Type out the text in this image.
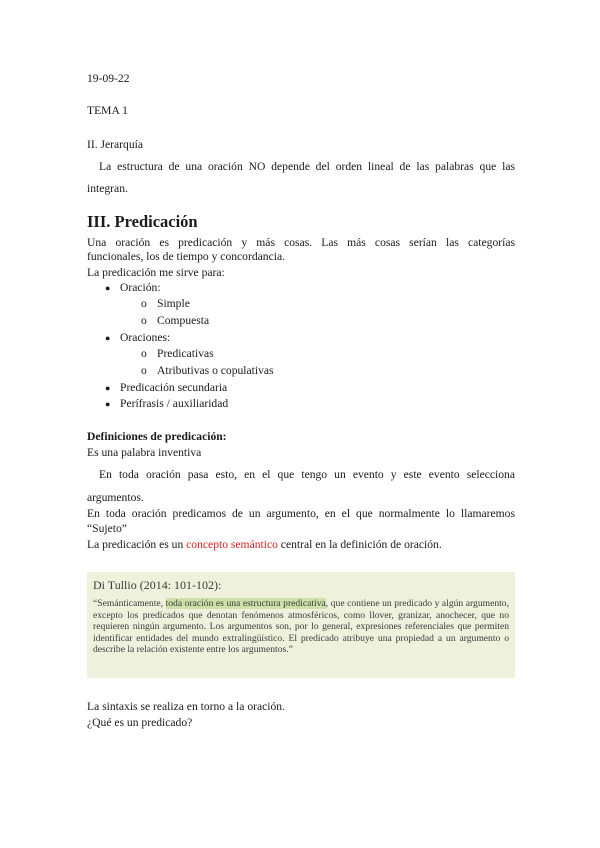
19-09-22
TEMA 1
II. Jerarquía
La estructura de una oración NO depende del orden lineal de las palabras que las
integran.
III. Predicación
Una oración es predicación y más cosas. Las más cosas serían las categorías
funcionales, los de tiempo y concordancia.
La predicación me sirve para:
● Oración:
o Simple
o Compuesta
● Oraciones:
o Predicativas
o Atributivas o copulativas
● Predicación secundaria
● Perífrasis / auxiliaridad
Definiciones de predicación:
Es una palabra inventiva
En toda oración pasa esto, en el que tengo un evento y este evento selecciona
argumentos.
En toda oración predicamos de un argumento, en el que normalmente lo llamaremos
“Sujeto”
La predicación es un concepto semántico central en la definición de oración.
Di Tullio (2014: 101-102):
“Semánticamente, toda oración es una estructura predicativa, que contiene un predicado y algún argumento, excepto los predicados que denotan fenómenos atmosféricos, como llover, granizar, anochecer, que no requieren ningún argumento. Los argumentos son, por lo general, expresiones referenciales que permiten identificar entidades del mundo extralingüístico. El predicado atribuye una propiedad a un argumento o describe la relación existente entre los argumentos.”
La sintaxis se realiza en torno a la oración.
¿Qué es un predicado?
